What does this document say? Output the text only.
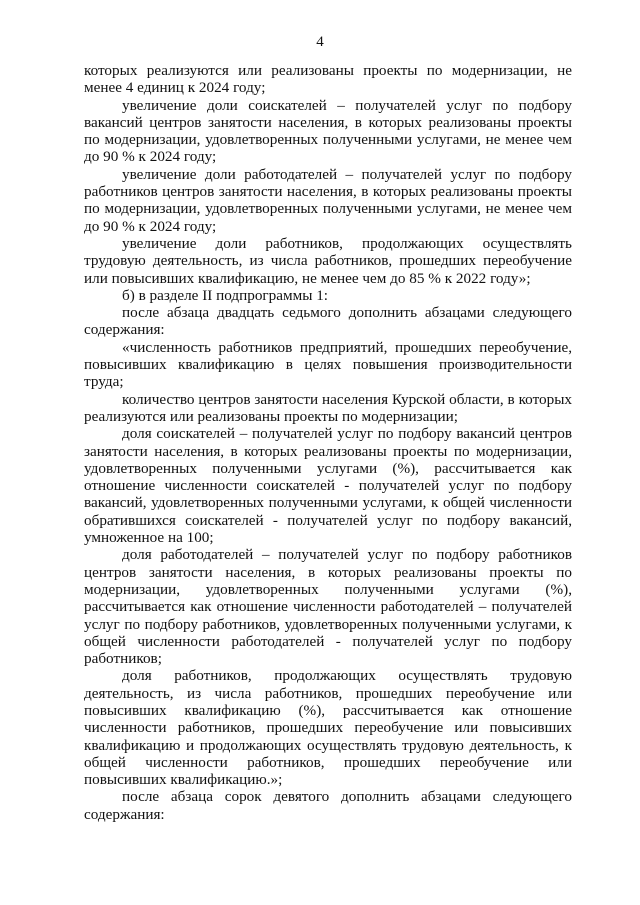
4

которых реализуются или реализованы проекты по модернизации, не менее 4 единиц к 2024 году;

увеличение доли соискателей – получателей услуг по подбору вакансий центров занятости населения, в которых реализованы проекты по модернизации, удовлетворенных полученными услугами, не менее чем до 90 % к 2024 году;

увеличение доли работодателей – получателей услуг по подбору работников центров занятости населения, в которых реализованы проекты по модернизации, удовлетворенных полученными услугами, не менее чем до 90 % к 2024 году;

увеличение доли работников, продолжающих осуществлять трудовую деятельность, из числа работников, прошедших переобучение или повысивших квалификацию, не менее чем до 85 % к 2022 году»;

б) в разделе II подпрограммы 1:

после абзаца двадцать седьмого дополнить абзацами следующего содержания:

«численность работников предприятий, прошедших переобучение, повысивших квалификацию в целях повышения производительности труда;

количество центров занятости населения Курской области, в которых реализуются или реализованы проекты по модернизации;

доля соискателей – получателей услуг по подбору вакансий центров занятости населения, в которых реализованы проекты по модернизации, удовлетворенных полученными услугами (%), рассчитывается как отношение численности соискателей - получателей услуг по подбору вакансий, удовлетворенных полученными услугами, к общей численности обратившихся соискателей - получателей услуг по подбору вакансий, умноженное на 100;

доля работодателей – получателей услуг по подбору работников центров занятости населения, в которых реализованы проекты по модернизации, удовлетворенных полученными услугами (%), рассчитывается как отношение численности работодателей – получателей услуг по подбору работников, удовлетворенных полученными услугами, к общей численности работодателей - получателей услуг по подбору работников;

доля работников, продолжающих осуществлять трудовую деятельность, из числа работников, прошедших переобучение или повысивших квалификацию (%), рассчитывается как отношение численности работников, прошедших переобучение или повысивших квалификацию и продолжающих осуществлять трудовую деятельность, к общей численности работников, прошедших переобучение или повысивших квалификацию.»;

после абзаца сорок девятого дополнить абзацами следующего содержания:
